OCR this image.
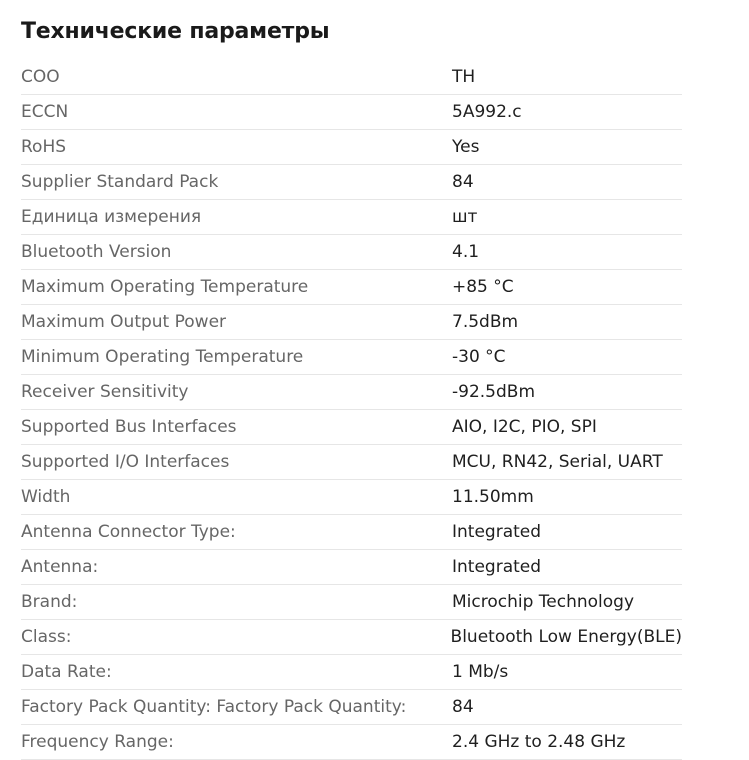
Технические параметры
COO	TH
ECCN	5A992.c
RoHS	Yes
Supplier Standard Pack	84
Единица измерения	шт
Bluetooth Version	4.1
Maximum Operating Temperature	+85 °C
Maximum Output Power	7.5dBm
Minimum Operating Temperature	-30 °C
Receiver Sensitivity	-92.5dBm
Supported Bus Interfaces	AIO, I2C, PIO, SPI
Supported I/O Interfaces	MCU, RN42, Serial, UART
Width	11.50mm
Antenna Connector Type:	Integrated
Antenna:	Integrated
Brand:	Microchip Technology
Class:	Bluetooth Low Energy(BLE)
Data Rate:	1 Mb/s
Factory Pack Quantity: Factory Pack Quantity:	84
Frequency Range:	2.4 GHz to 2.48 GHz
